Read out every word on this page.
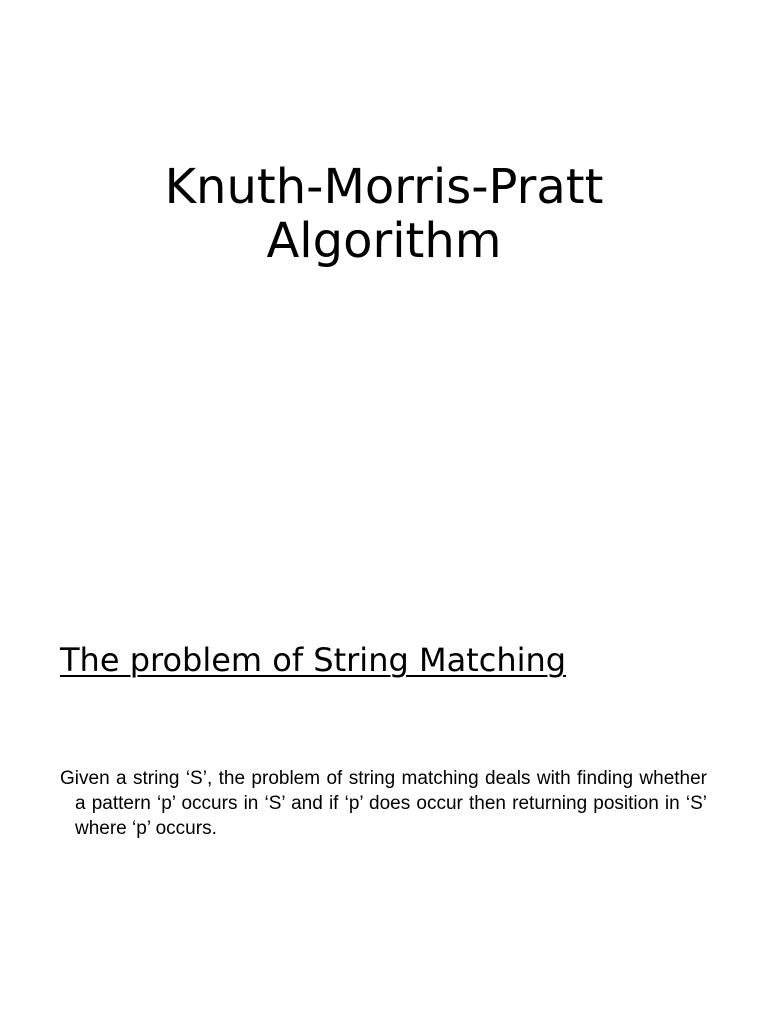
Knuth-Morris-Pratt
Algorithm
The problem of String Matching

Given a string ‘S’, the problem of string matching deals with finding whether a pattern ‘p’ occurs in ‘S’ and if ‘p’ does occur then returning position in ‘S’ where ‘p’ occurs.
